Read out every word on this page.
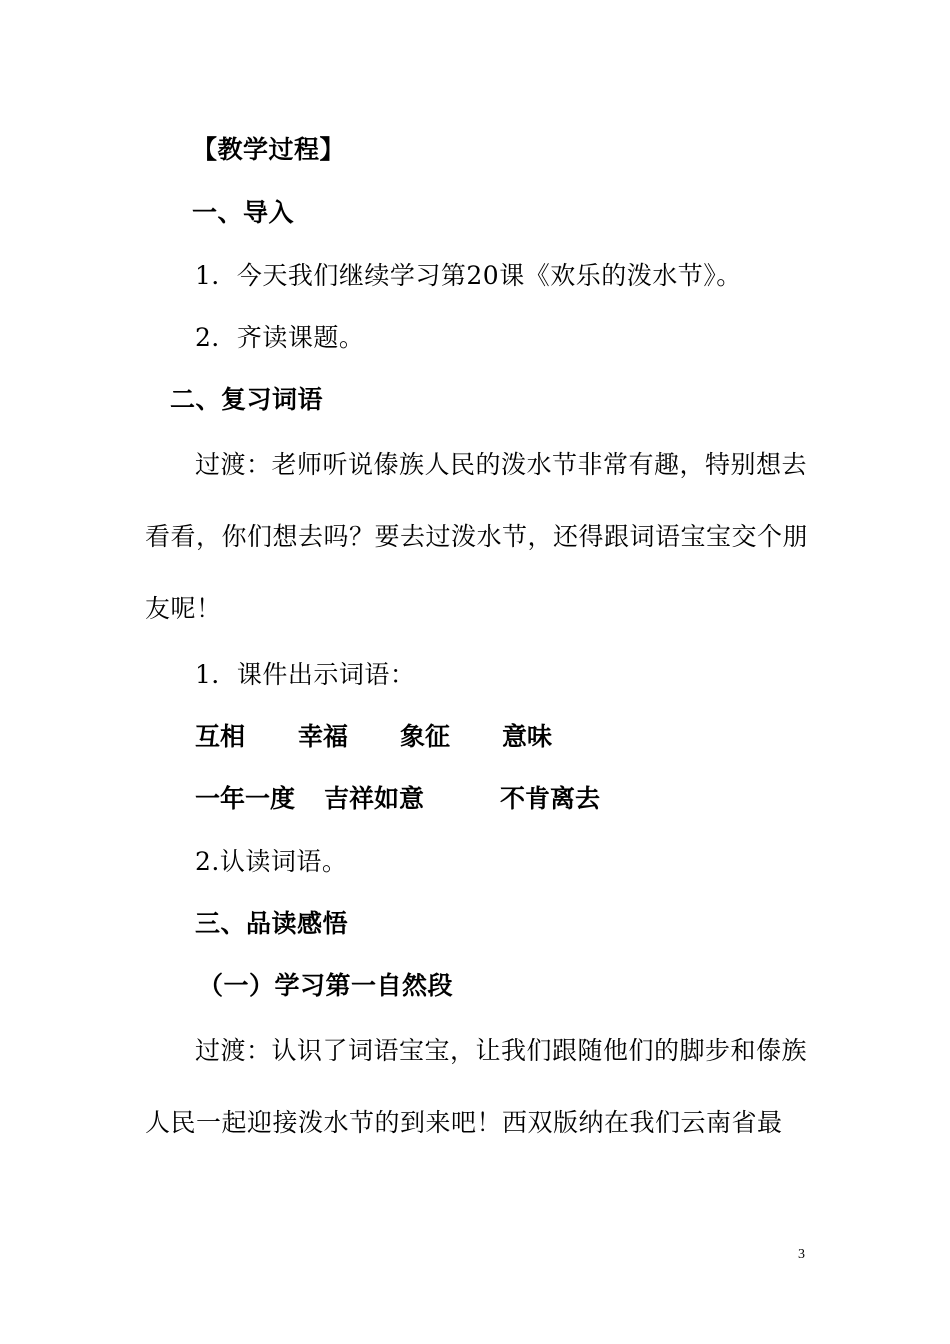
【教学过程】
一、导入
1．今天我们继续学习第20课《欢乐的泼水节》。
2．齐读课题。
二、复习词语
过渡：老师听说傣族人民的泼水节非常有趣，特别想去
看看，你们想去吗？要去过泼水节，还得跟词语宝宝交个朋
友呢！
1．课件出示词语：
互相 幸福 象征 意味
一年一度 吉祥如意	不肯离去
2.认读词语。
三、品读感悟
（一）学习第一自然段
过渡：认识了词语宝宝，让我们跟随他们的脚步和傣族
人民一起迎接泼水节的到来吧！西双版纳在我们云南省最
3
